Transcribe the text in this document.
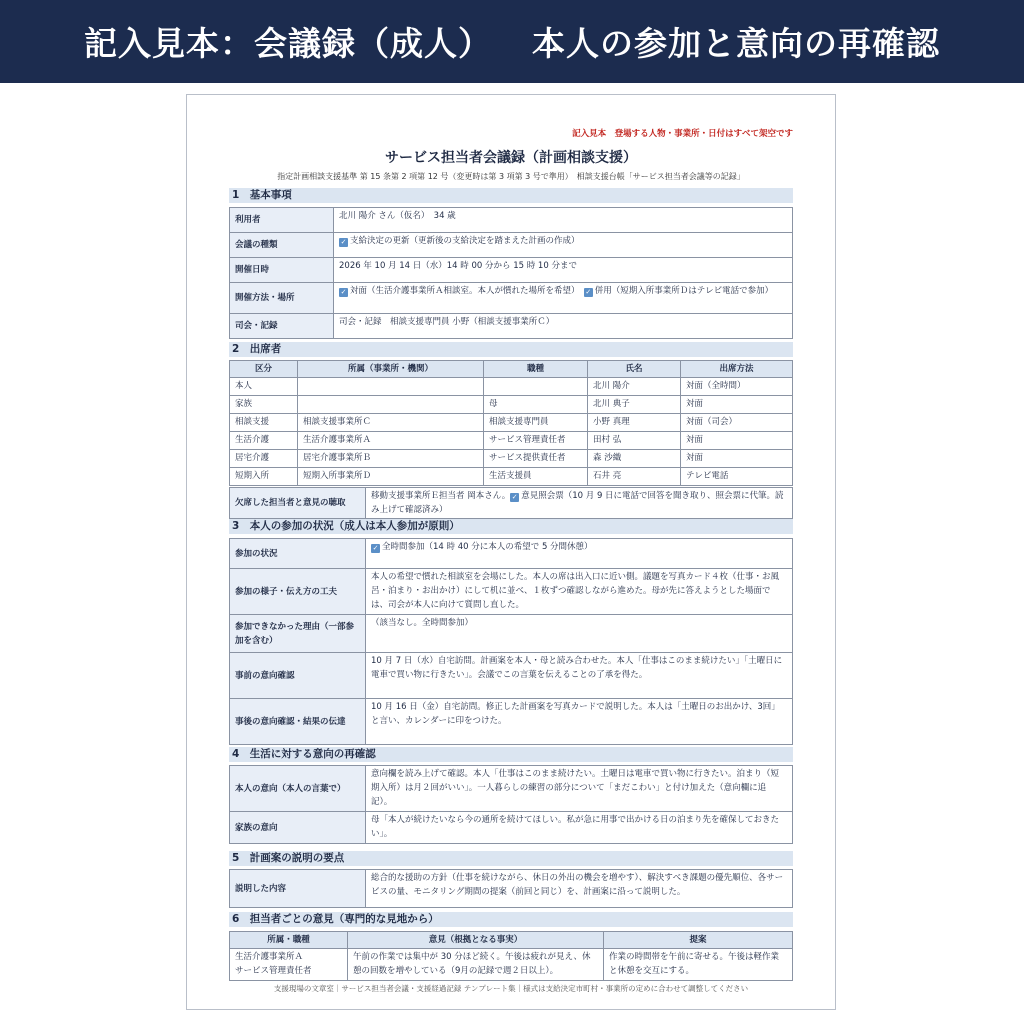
記入見本：会議録（成人） 本人の参加と意向の再確認
記入見本　登場する人物・事業所・日付はすべて架空です
サービス担当者会議録（計画相談支援）
指定計画相談支援基準 第 15 条第 2 項第 12 号（変更時は第 3 項第 3 号で準用）　相談支援台帳「サービス担当者会議等の記録」
1　基本事項
利用者	北川 陽介 さん（仮名）　34 歳
会議の種類	✓ 支給決定の更新（更新後の支給決定を踏まえた計画の作成）
開催日時	2026 年 10 月 14 日（水）14 時 00 分から 15 時 10 分まで
開催方法・場所	✓ 対面（生活介護事業所Ａ相談室。本人が慣れた場所を希望）　 ✓ 併用（短期入所事業所Ｄはテレビ電話で参加）
司会・記録	司会・記録　相談支援専門員 小野（相談支援事業所Ｃ）
2　出席者
区分	所属（事業所・機関）	職種	氏名	出席方法
本人			北川 陽介	対面（全時間）
家族		母	北川 典子	対面
相談支援	相談支援事業所Ｃ	相談支援専門員	小野 真理	対面（司会）
生活介護	生活介護事業所Ａ	サービス管理責任者	田村 弘	対面
居宅介護	居宅介護事業所Ｂ	サービス提供責任者	森 沙織	対面
短期入所	短期入所事業所Ｄ	生活支援員	石井 亮	テレビ電話
欠席した担当者と意見の聴取	移動支援事業所Ｅ担当者 岡本さん。 ✓ 意見照会票（10 月 9 日に電話で回答を聞き取り、照会票に代筆。読み上げて確認済み）
3　本人の参加の状況（成人は本人参加が原則）
参加の状況	✓ 全時間参加（14 時 40 分に本人の希望で 5 分間休憩）
参加の様子・伝え方の工夫	本人の希望で慣れた相談室を会場にした。本人の席は出入口に近い側。議題を写真カード４枚（仕事・お風呂・泊まり・お出かけ）にして机に並べ、１枚ずつ確認しながら進めた。母が先に答えようとした場面では、司会が本人に向けて質問し直した。
参加できなかった理由（一部参加を含む）	（該当なし。全時間参加）
事前の意向確認	10 月 7 日（水）自宅訪問。計画案を本人・母と読み合わせた。本人「仕事はこのまま続けたい」「土曜日に電車で買い物に行きたい」。会議でこの言葉を伝えることの了承を得た。
事後の意向確認・結果の伝達	10 月 16 日（金）自宅訪問。修正した計画案を写真カードで説明した。本人は「土曜日のお出かけ、3回」と言い、カレンダーに印をつけた。
4　生活に対する意向の再確認
本人の意向（本人の言葉で）	意向欄を読み上げて確認。本人「仕事はこのまま続けたい。土曜日は電車で買い物に行きたい。泊まり（短期入所）は月２回がいい」。一人暮らしの練習の部分について「まだこわい」と付け加えた（意向欄に追記）。
家族の意向	母「本人が続けたいなら今の通所を続けてほしい。私が急に用事で出かける日の泊まり先を確保しておきたい」。
5　計画案の説明の要点
説明した内容	総合的な援助の方針（仕事を続けながら、休日の外出の機会を増やす）、解決すべき課題の優先順位、各サービスの量、モニタリング期間の提案（前回と同じ）を、計画案に沿って説明した。
6　担当者ごとの意見（専門的な見地から）
所属・職種	意見（根拠となる事実）	提案
生活介護事業所Ａ
サービス管理責任者	午前の作業では集中が 30 分ほど続く。午後は疲れが見え、休憩の回数を増やしている（9月の記録で週２日以上）。	作業の時間帯を午前に寄せる。午後は軽作業と休憩を交互にする。
支援現場の文章室｜サービス担当者会議・支援経過記録 テンプレート集｜様式は支給決定市町村・事業所の定めに合わせて調整してください
